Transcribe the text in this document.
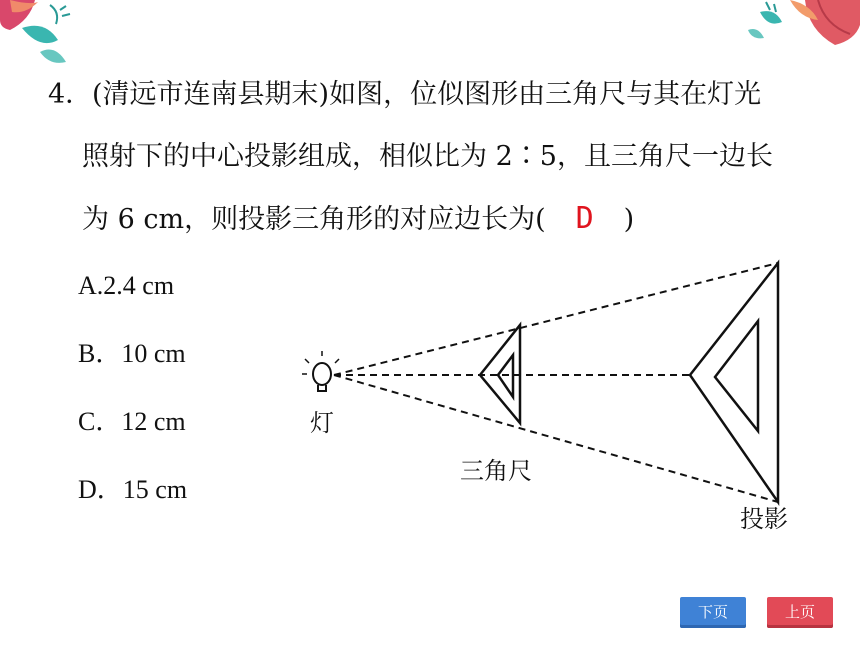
4．(清远市连南县期末)如图，位似图形由三角尺与其在灯光
照射下的中心投影组成，相似比为 2∶5，且三角尺一边长
为 6 cm，则投影三角形的对应边长为( D )
A.2.4 cm
B．10 cm
C．12 cm
D．15 cm
灯
三角尺
投影
下页	上页
